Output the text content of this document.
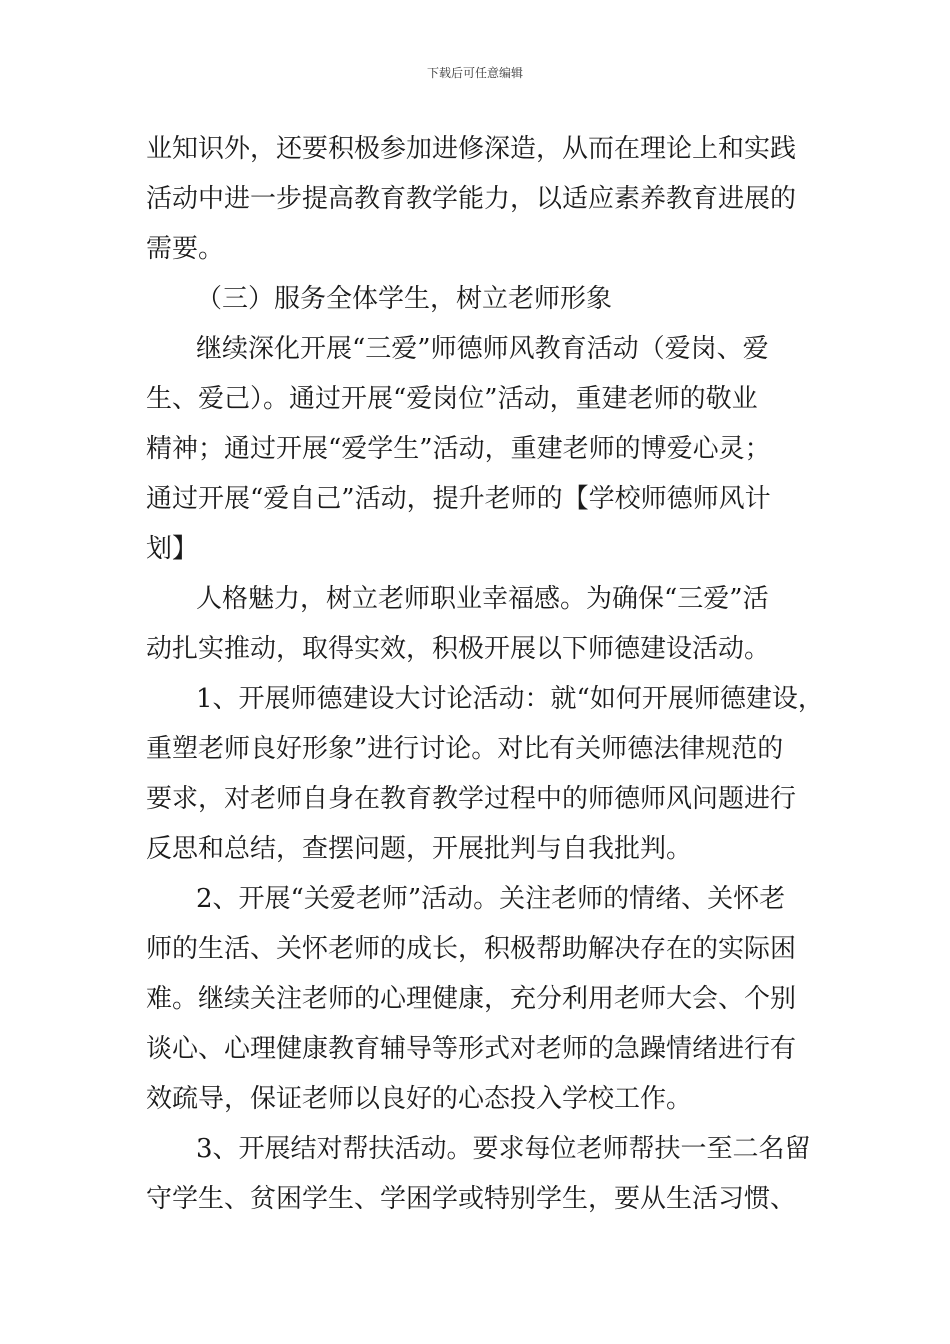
下载后可任意编辑
业知识外，还要积极参加进修深造，从而在理论上和实践
活动中进一步提高教育教学能力，以适应素养教育进展的
需要。
（三）服务全体学生，树立老师形象
继续深化开展“三爱”师德师风教育活动（爱岗、爱
生、爱己）。通过开展“爱岗位”活动，重建老师的敬业
精神；通过开展“爱学生”活动，重建老师的博爱心灵；
通过开展“爱自己”活动，提升老师的【学校师德师风计
划】
人格魅力，树立老师职业幸福感。为确保“三爱”活
动扎实推动，取得实效，积极开展以下师德建设活动。
1、开展师德建设大讨论活动：就“如何开展师德建设，
重塑老师良好形象”进行讨论。对比有关师德法律规范的
要求，对老师自身在教育教学过程中的师德师风问题进行
反思和总结，查摆问题，开展批判与自我批判。
2、开展“关爱老师”活动。关注老师的情绪、关怀老
师的生活、关怀老师的成长，积极帮助解决存在的实际困
难。继续关注老师的心理健康，充分利用老师大会、个别
谈心、心理健康教育辅导等形式对老师的急躁情绪进行有
效疏导，保证老师以良好的心态投入学校工作。
3、开展结对帮扶活动。要求每位老师帮扶一至二名留
守学生、贫困学生、学困学或特别学生，要从生活习惯、
